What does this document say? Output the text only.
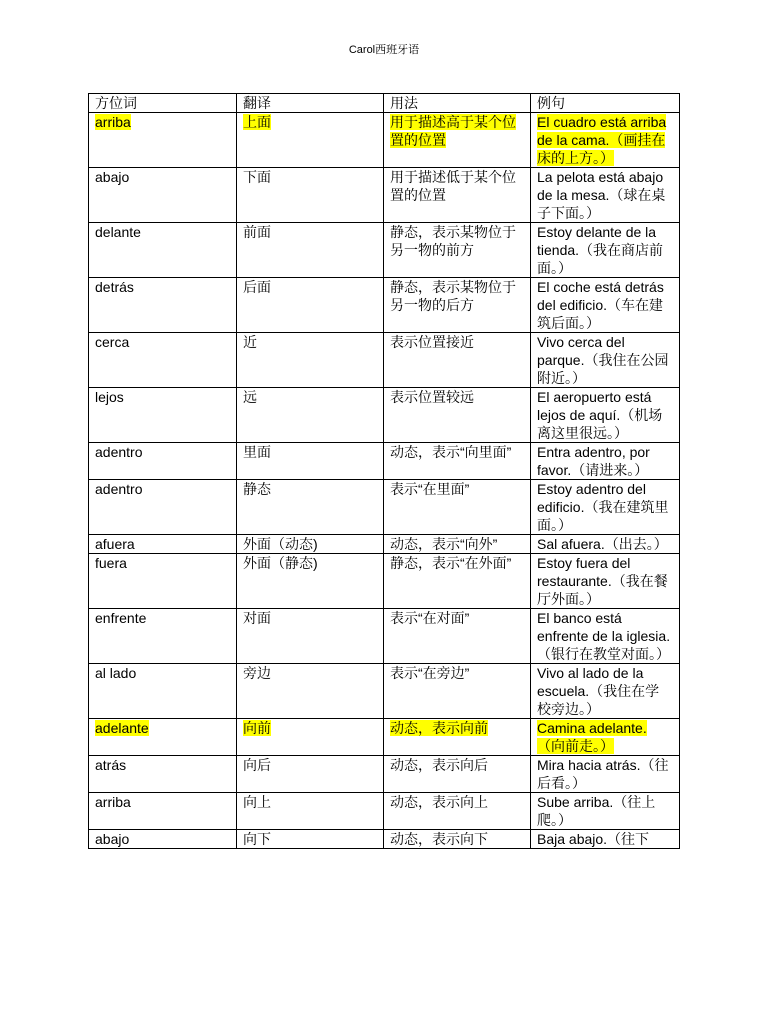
Carol西班牙语
方位词	翻译	用法	例句
arriba	上面	用于描述高于某个位置的位置	El cuadro está arriba de la cama.（画挂在床的上方。）
abajo	下面	用于描述低于某个位置的位置	La pelota está abajo de la mesa.（球在桌子下面。）
delante	前面	静态，表示某物位于另一物的前方	Estoy delante de la tienda.（我在商店前面。）
detrás	后面	静态，表示某物位于另一物的后方	El coche está detrás del edificio.（车在建筑后面。）
cerca	近	表示位置接近	Vivo cerca del parque.（我住在公园附近。）
lejos	远	表示位置较远	El aeropuerto está lejos de aquí.（机场离这里很远。）
adentro	里面	动态，表示“向里面”	Entra adentro, por favor.（请进来。）
adentro	静态	表示“在里面”	Estoy adentro del edificio.（我在建筑里面。）
afuera	外面（动态)	动态，表示“向外”	Sal afuera.（出去。）
fuera	外面（静态)	静态，表示“在外面”	Estoy fuera del restaurante.（我在餐厅外面。）
enfrente	对面	表示“在对面”	El banco está enfrente de la iglesia.（银行在教堂对面。）
al lado	旁边	表示“在旁边”	Vivo al lado de la escuela.（我住在学校旁边。）
adelante	向前	动态，表示向前	Camina adelante.（向前走。）
atrás	向后	动态，表示向后	Mira hacia atrás.（往后看。）
arriba	向上	动态，表示向上	Sube arriba.（往上爬。）
abajo	向下	动态，表示向下	Baja abajo.（往下
